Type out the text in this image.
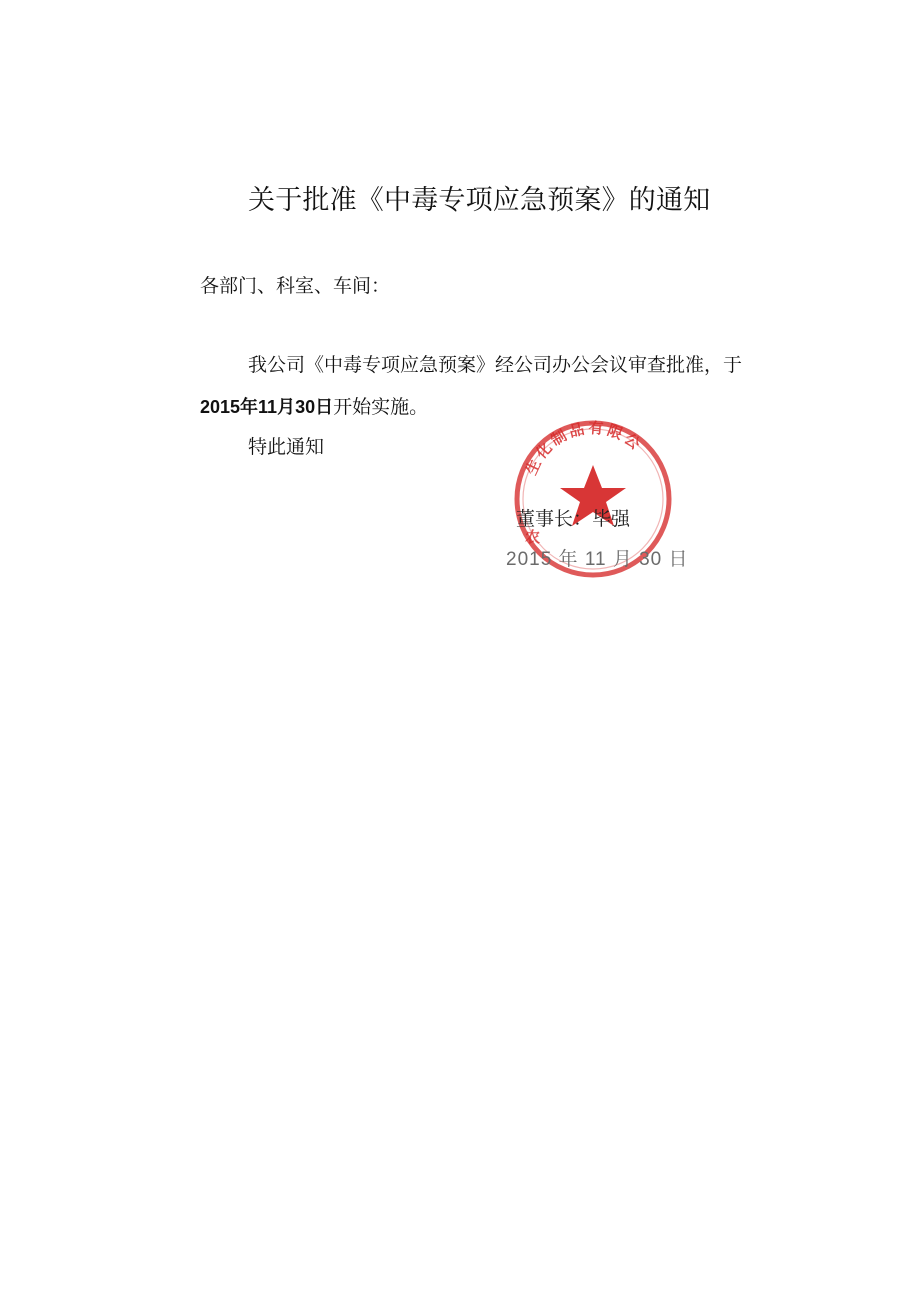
关于批准《中毒专项应急预案》的通知
各部门、科室、车间：
我公司《中毒专项应急预案》经公司办公会议审查批准，于
2015年11月30日开始实施。
特此通知
生化制品有限公
农
董事长：毕强
2015 年 11 月 30 日
